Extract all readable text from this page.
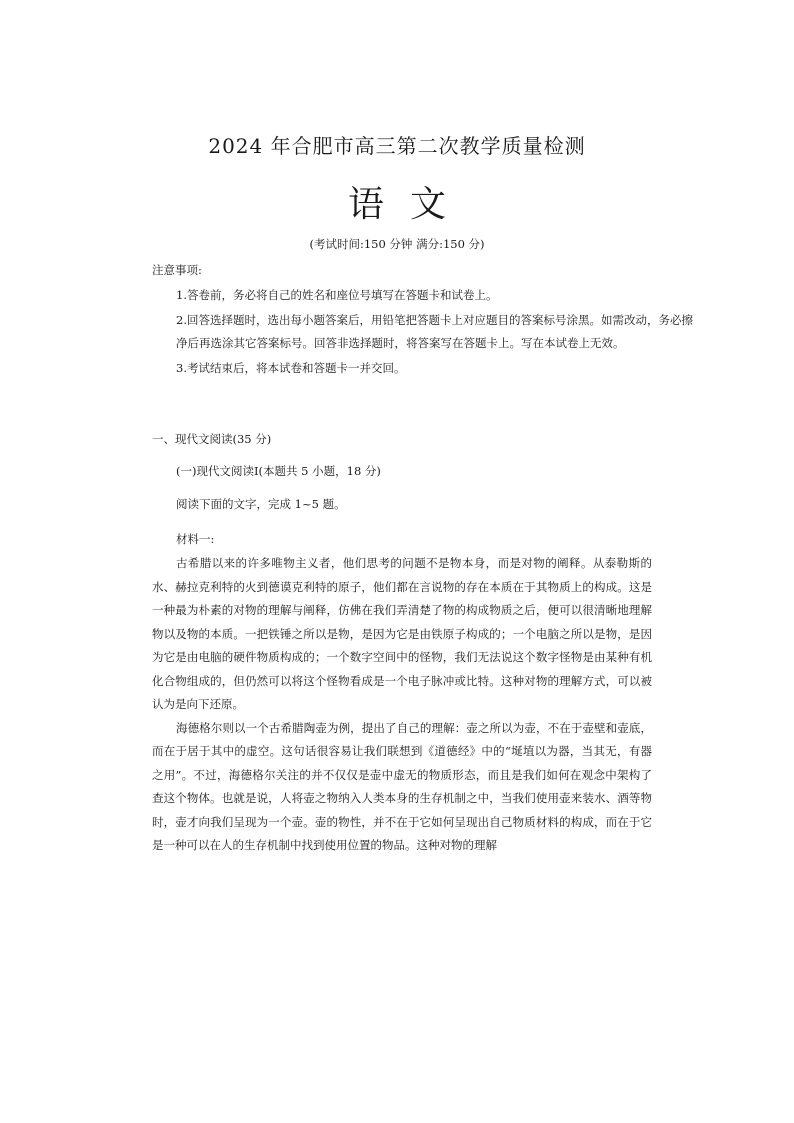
2024 年合肥市高三第二次教学质量检测
语文
(考试时间:150 分钟 满分:150 分)
注意事项:
1.答卷前，务必将自己的姓名和座位号填写在答题卡和试卷上。
2.回答选择题时，选出每小题答案后，用铅笔把答题卡上对应题目的答案标号涂黑。如需改动，务必擦净后再选涂其它答案标号。回答非选择题时，将答案写在答题卡上。写在本试卷上无效。
3.考试结束后，将本试卷和答题卡一并交回。
一、现代文阅读(35 分)
(一)现代文阅读Ⅰ(本题共 5 小题，18 分)
阅读下面的文字，完成 1~5 题。
材料一:

古希腊以来的许多唯物主义者，他们思考的问题不是物本身，而是对物的阐释。从泰勒斯的水、赫拉克利特的火到德谟克利特的原子，他们都在言说物的存在本质在于其物质上的构成。这是一种最为朴素的对物的理解与阐释，仿佛在我们弄清楚了物的构成物质之后，便可以很清晰地理解物以及物的本质。一把铁锤之所以是物，是因为它是由铁原子构成的；一个电脑之所以是物，是因为它是由电脑的硬件物质构成的；一个数字空间中的怪物，我们无法说这个数字怪物是由某种有机化合物组成的，但仍然可以将这个怪物看成是一个电子脉冲或比特。这种对物的理解方式，可以被认为是向下还原。

海德格尔则以一个古希腊陶壶为例，提出了自己的理解：壶之所以为壶，不在于壶壁和壶底，而在于居于其中的虚空。这句话很容易让我们联想到《道德经》中的“埏埴以为器，当其无，有器之用”。不过，海德格尔关注的并不仅仅是壶中虚无的物质形态，而且是我们如何在观念中架构了查这个物体。也就是说，人将壶之物纳入人类本身的生存机制之中，当我们使用壶来装水、酒等物时，壶才向我们呈现为一个壶。壶的物性，并不在于它如何呈现出自己物质材料的构成，而在于它是一种可以在人的生存机制中找到使用位置的物品。这种对物的理解
